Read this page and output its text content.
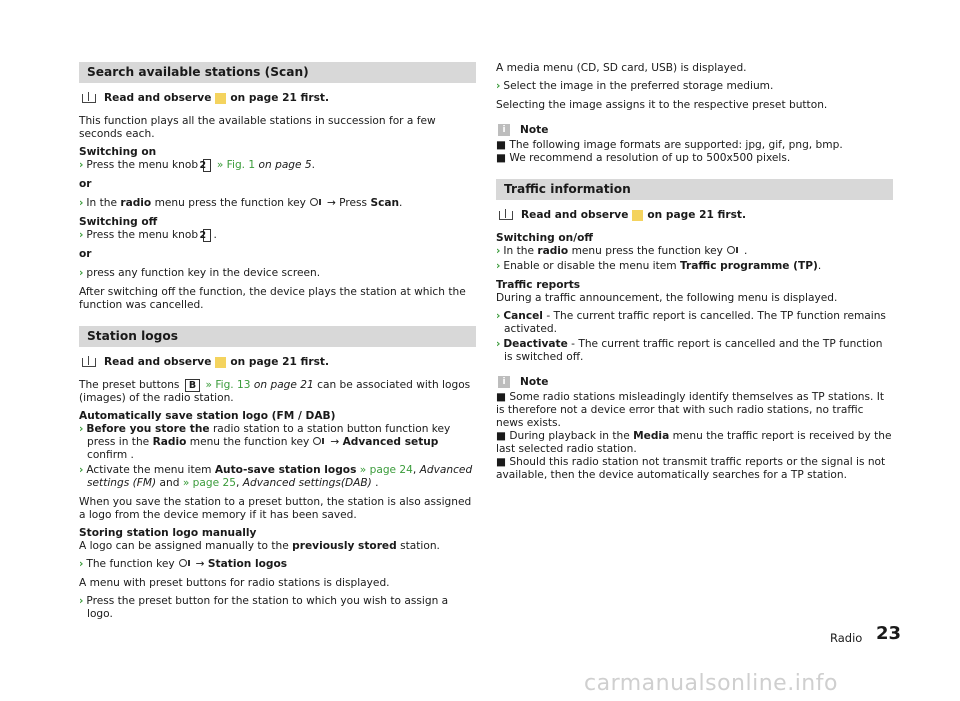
Search available stations (Scan)
Read and observe on page 21 first.

This function plays all the available stations in succession for a few seconds each.

Switching on

› Press the menu knob 2 » Fig. 1 on page 5.

or

› In the radio menu press the function key → Press Scan.

Switching off

› Press the menu knob 2 .

or

› press any function key in the device screen.

After switching off the function, the device plays the station at which the function was cancelled.

Station logos
Read and observe on page 21 first.

The preset buttons B » Fig. 13 on page 21 can be associated with logos (images) of the radio station.

Automatically save station logo (FM / DAB)

› Before you store the radio station to a station button function key press in the Radio menu the function key → Advanced setup confirm .

› Activate the menu item Auto-save station logos » page 24, Advanced settings (FM) and » page 25, Advanced settings(DAB) .

When you save the station to a preset button, the station is also assigned a logo from the device memory if it has been saved.

Storing station logo manually

A logo can be assigned manually to the previously stored station.

› The function key → Station logos

A menu with preset buttons for radio stations is displayed.

› Press the preset button for the station to which you wish to assign a logo.

A media menu (CD, SD card, USB) is displayed.

› Select the image in the preferred storage medium.

Selecting the image assigns it to the respective preset button.

i	Note

■ The following image formats are supported: jpg, gif, png, bmp.

■ We recommend a resolution of up to 500x500 pixels.

Traffic information
Read and observe on page 21 first.

Switching on/off

› In the radio menu press the function key .

› Enable or disable the menu item Traffic programme (TP).

Traffic reports

During a traffic announcement, the following menu is displayed.

› Cancel - The current traffic report is cancelled. The TP function remains activated.

› Deactivate - The current traffic report is cancelled and the TP function is switched off.

i	Note

■ Some radio stations misleadingly identify themselves as TP stations. It is therefore not a device error that with such radio stations, no traffic news exists.

■ During playback in the Media menu the traffic report is received by the last selected radio station.

■ Should this radio station not transmit traffic reports or the signal is not available, then the device automatically searches for a TP station.

Radio 23
carmanualsonline.info
